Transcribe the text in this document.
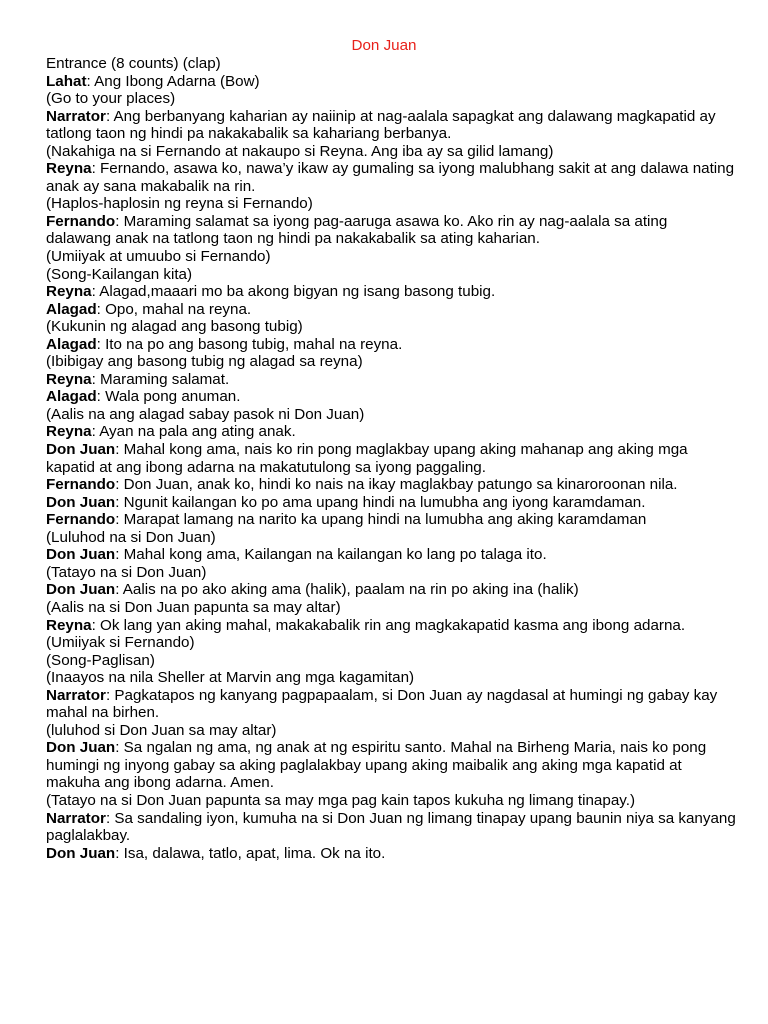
Don Juan
Entrance (8 counts) (clap)
Lahat: Ang Ibong Adarna (Bow)
(Go to your places)
Narrator: Ang berbanyang kaharian ay naiinip at nag-aalala sapagkat ang dalawang magkapatid ay tatlong taon ng hindi pa nakakabalik sa kahariang berbanya.
(Nakahiga na si Fernando at nakaupo si Reyna. Ang iba ay sa gilid lamang)
Reyna: Fernando, asawa ko, nawa’y ikaw ay gumaling sa iyong malubhang sakit at ang dalawa nating anak ay sana makabalik na rin.
(Haplos-haplosin ng reyna si Fernando)
Fernando: Maraming salamat sa iyong pag-aaruga asawa ko. Ako rin ay nag-aalala sa ating dalawang anak na tatlong taon ng hindi pa nakakabalik sa ating kaharian.
(Umiiyak at umuubo si Fernando)
(Song-Kailangan kita)
Reyna: Alagad,maaari mo ba akong bigyan ng isang basong tubig.
Alagad: Opo, mahal na reyna.
(Kukunin ng alagad ang basong tubig)
Alagad: Ito na po ang basong tubig, mahal na reyna.
(Ibibigay ang basong tubig ng alagad sa reyna)
Reyna: Maraming salamat.
Alagad: Wala pong anuman.
(Aalis na ang alagad sabay pasok ni Don Juan)
Reyna: Ayan na pala ang ating anak.
Don Juan: Mahal kong ama, nais ko rin pong maglakbay upang aking mahanap ang aking mga kapatid at ang ibong adarna na makatutulong sa iyong paggaling.
Fernando: Don Juan, anak ko, hindi ko nais na ikay maglakbay patungo sa kinaroroonan nila.
Don Juan: Ngunit kailangan ko po ama upang hindi na lumubha ang iyong karamdaman.
Fernando: Marapat lamang na narito ka upang hindi na lumubha ang aking karamdaman
(Luluhod na si Don Juan)
Don Juan: Mahal kong ama, Kailangan na kailangan ko lang po talaga ito.
(Tatayo na si Don Juan)
Don Juan: Aalis na po ako aking ama (halik), paalam na rin po aking ina (halik)
(Aalis na si Don Juan papunta sa may altar)
Reyna: Ok lang yan aking mahal, makakabalik rin ang magkakapatid kasma ang ibong adarna.
(Umiiyak si Fernando)
(Song-Paglisan)
(Inaayos na nila Sheller at Marvin ang mga kagamitan)
Narrator: Pagkatapos ng kanyang pagpapaalam, si Don Juan ay nagdasal at humingi ng gabay kay mahal na birhen.
(luluhod si Don Juan sa may altar)
Don Juan: Sa ngalan ng ama, ng anak at ng espiritu santo. Mahal na Birheng Maria, nais ko pong humingi ng inyong gabay sa aking paglalakbay upang aking maibalik ang aking mga kapatid at makuha ang ibong adarna. Amen.
(Tatayo na si Don Juan papunta sa may mga pag kain tapos kukuha ng limang tinapay.)
Narrator: Sa sandaling iyon, kumuha na si Don Juan ng limang tinapay upang baunin niya sa kanyang paglalakbay.
Don Juan: Isa, dalawa, tatlo, apat, lima. Ok na ito.
